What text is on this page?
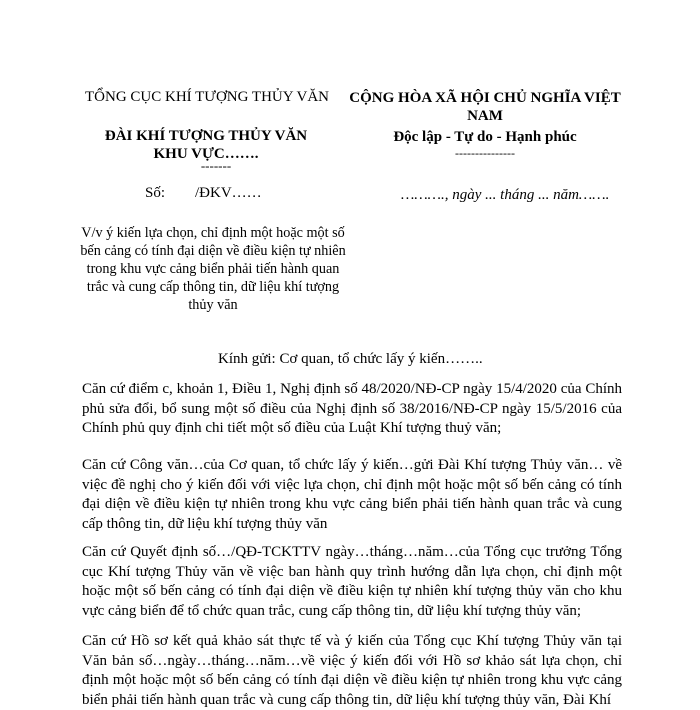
TỔNG CỤC KHÍ TƯỢNG THỦY VĂN
ĐÀI KHÍ TƯỢNG THỦY VĂN KHU VỰC…….
-------
CỘNG HÒA XÃ HỘI CHỦ NGHĨA VIỆT NAM
Độc lập - Tự do - Hạnh phúc
---------------
Số:        /ĐKV……	………., ngày ... tháng ... năm…….
V/v ý kiến lựa chọn, chỉ định một hoặc một số bến cảng có tính đại diện về điều kiện tự nhiên trong khu vực cảng biển phải tiến hành quan trắc và cung cấp thông tin, dữ liệu khí tượng thủy văn
Kính gửi: Cơ quan, tổ chức lấy ý kiến……..
Căn cứ điểm c, khoản 1, Điều 1, Nghị định số 48/2020/NĐ-CP ngày 15/4/2020 của Chính phủ sửa đổi, bổ sung một số điều của Nghị định số 38/2016/NĐ-CP ngày 15/5/2016 của Chính phủ quy định chi tiết một số điều của Luật Khí tượng thuỷ văn;
Căn cứ Công văn…của Cơ quan, tổ chức lấy ý kiến…gửi Đài Khí tượng Thủy văn… về việc đề nghị cho ý kiến đối với việc lựa chọn, chỉ định một hoặc một số bến cảng có tính đại diện về điều kiện tự nhiên trong khu vực cảng biển phải tiến hành quan trắc và cung cấp thông tin, dữ liệu khí tượng thủy văn
Căn cứ Quyết định số…/QĐ-TCKTTV ngày…tháng…năm…của Tổng cục trưởng Tổng cục Khí tượng Thủy văn về việc ban hành quy trình hướng dẫn lựa chọn, chỉ định một hoặc một số bến cảng có tính đại diện về điều kiện tự nhiên khí tượng thủy văn cho khu vực cảng biển để tổ chức quan trắc, cung cấp thông tin, dữ liệu khí tượng thủy văn;
Căn cứ Hồ sơ kết quả khảo sát thực tế và ý kiến của Tổng cục Khí tượng Thủy văn tại Văn bản số…ngày…tháng…năm…về việc ý kiến đối với Hồ sơ khảo sát lựa chọn, chỉ định một hoặc một số bến cảng có tính đại diện về điều kiện tự nhiên trong khu vực cảng biển phải tiến hành quan trắc và cung cấp thông tin, dữ liệu khí tượng thủy văn, Đài Khí
